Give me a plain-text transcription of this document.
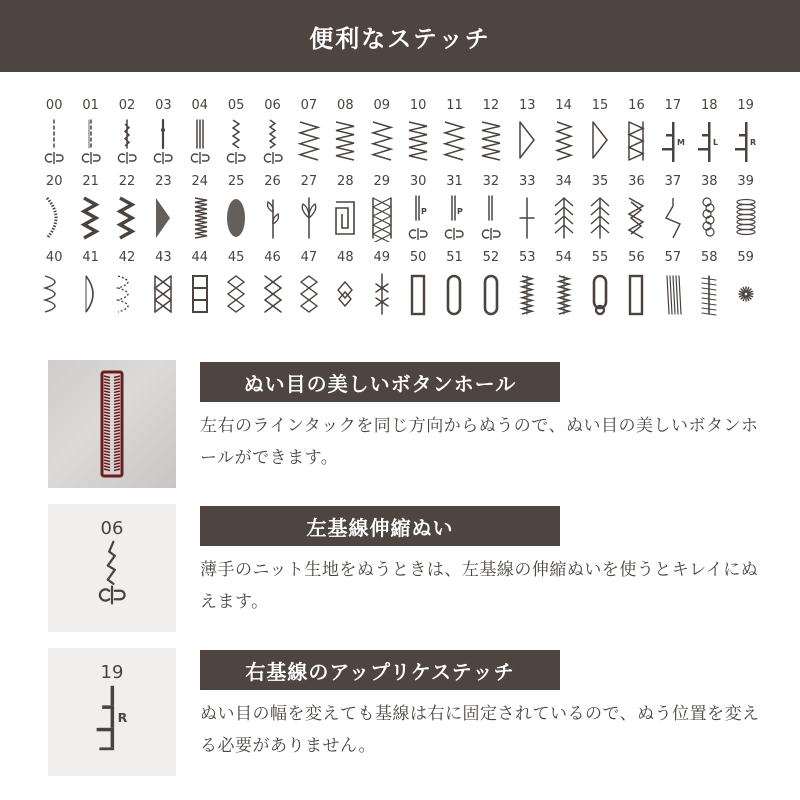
便利なステッチ
00 01 02 03 04 05 06 07 08 09 10 11 12 13 14 15 16 17
M
18
L
19
R
20 21 22 23 24 25 26 27 28 29 30
P
31
P
32 33 34 35 36 37 38 39
40 41 42 43 44 45 46 47 48 49 50 51 52 53 54 55 56 57 58 59
ぬい目の美しいボタンホール
左右のラインタックを同じ方向からぬうので、ぬい目の美しいボタンホールができます。
06	左基線伸縮ぬい
薄手のニット生地をぬうときは、左基線の伸縮ぬいを使うとキレイにぬえます。
19
R
右基線のアップリケステッチ
ぬい目の幅を変えても基線は右に固定されているので、ぬう位置を変える必要がありません。
